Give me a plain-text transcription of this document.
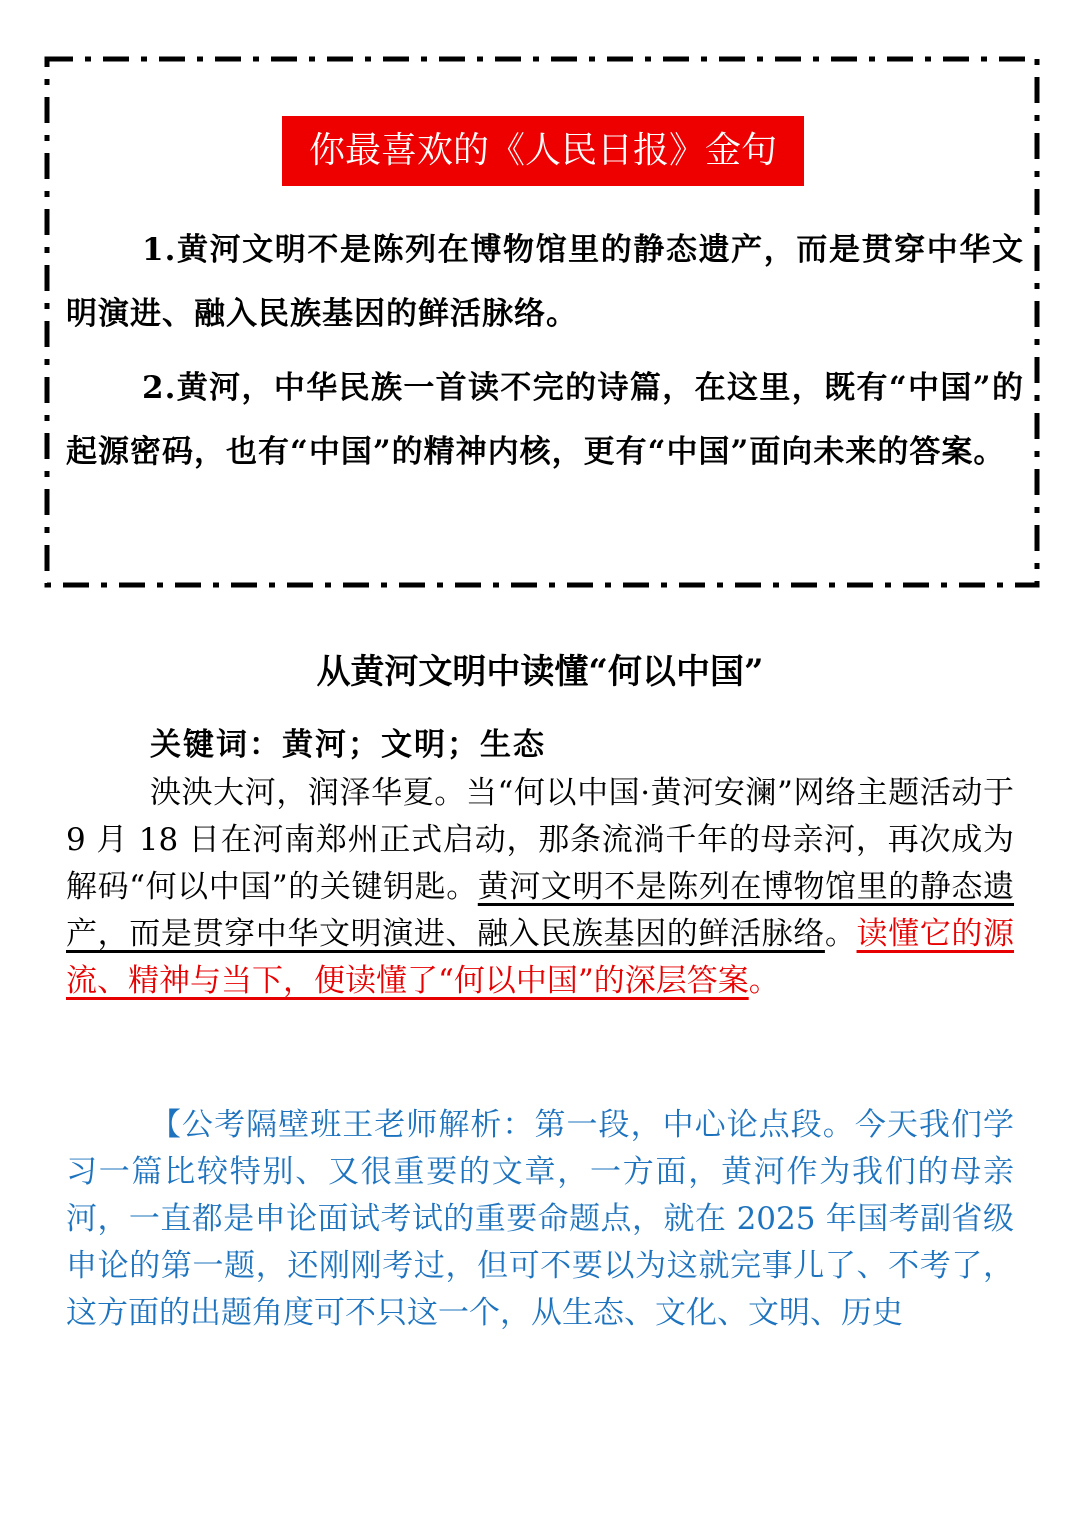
你最喜欢的《人民日报》金句
1.黄河文明不是陈列在博物馆里的静态遗产，而是贯穿中华文明演进、融入民族基因的鲜活脉络。
2.黄河，中华民族一首读不完的诗篇，在这里，既有“中国”的起源密码，也有“中国”的精神内核，更有“中国”面向未来的答案。
从黄河文明中读懂“何以中国”
关键词：黄河；文明；生态
泱泱大河，润泽华夏。当“何以中国·黄河安澜”网络主题活动于 9 月 18 日在河南郑州正式启动，那条流淌千年的母亲河，再次成为解码“何以中国”的关键钥匙。黄河文明不是陈列在博物馆里的静态遗产，而是贯穿中华文明演进、融入民族基因的鲜活脉络。读懂它的源流、精神与当下，便读懂了“何以中国”的深层答案。
【公考隔壁班王老师解析：第一段，中心论点段。今天我们学习一篇比较特别、又很重要的文章，一方面，黄河作为我们的母亲河，一直都是申论面试考试的重要命题点，就在 2025 年国考副省级申论的第一题，还刚刚考过，但可不要以为这就完事儿了、不考了，这方面的出题角度可不只这一个，从生态、文化、文明、历史
